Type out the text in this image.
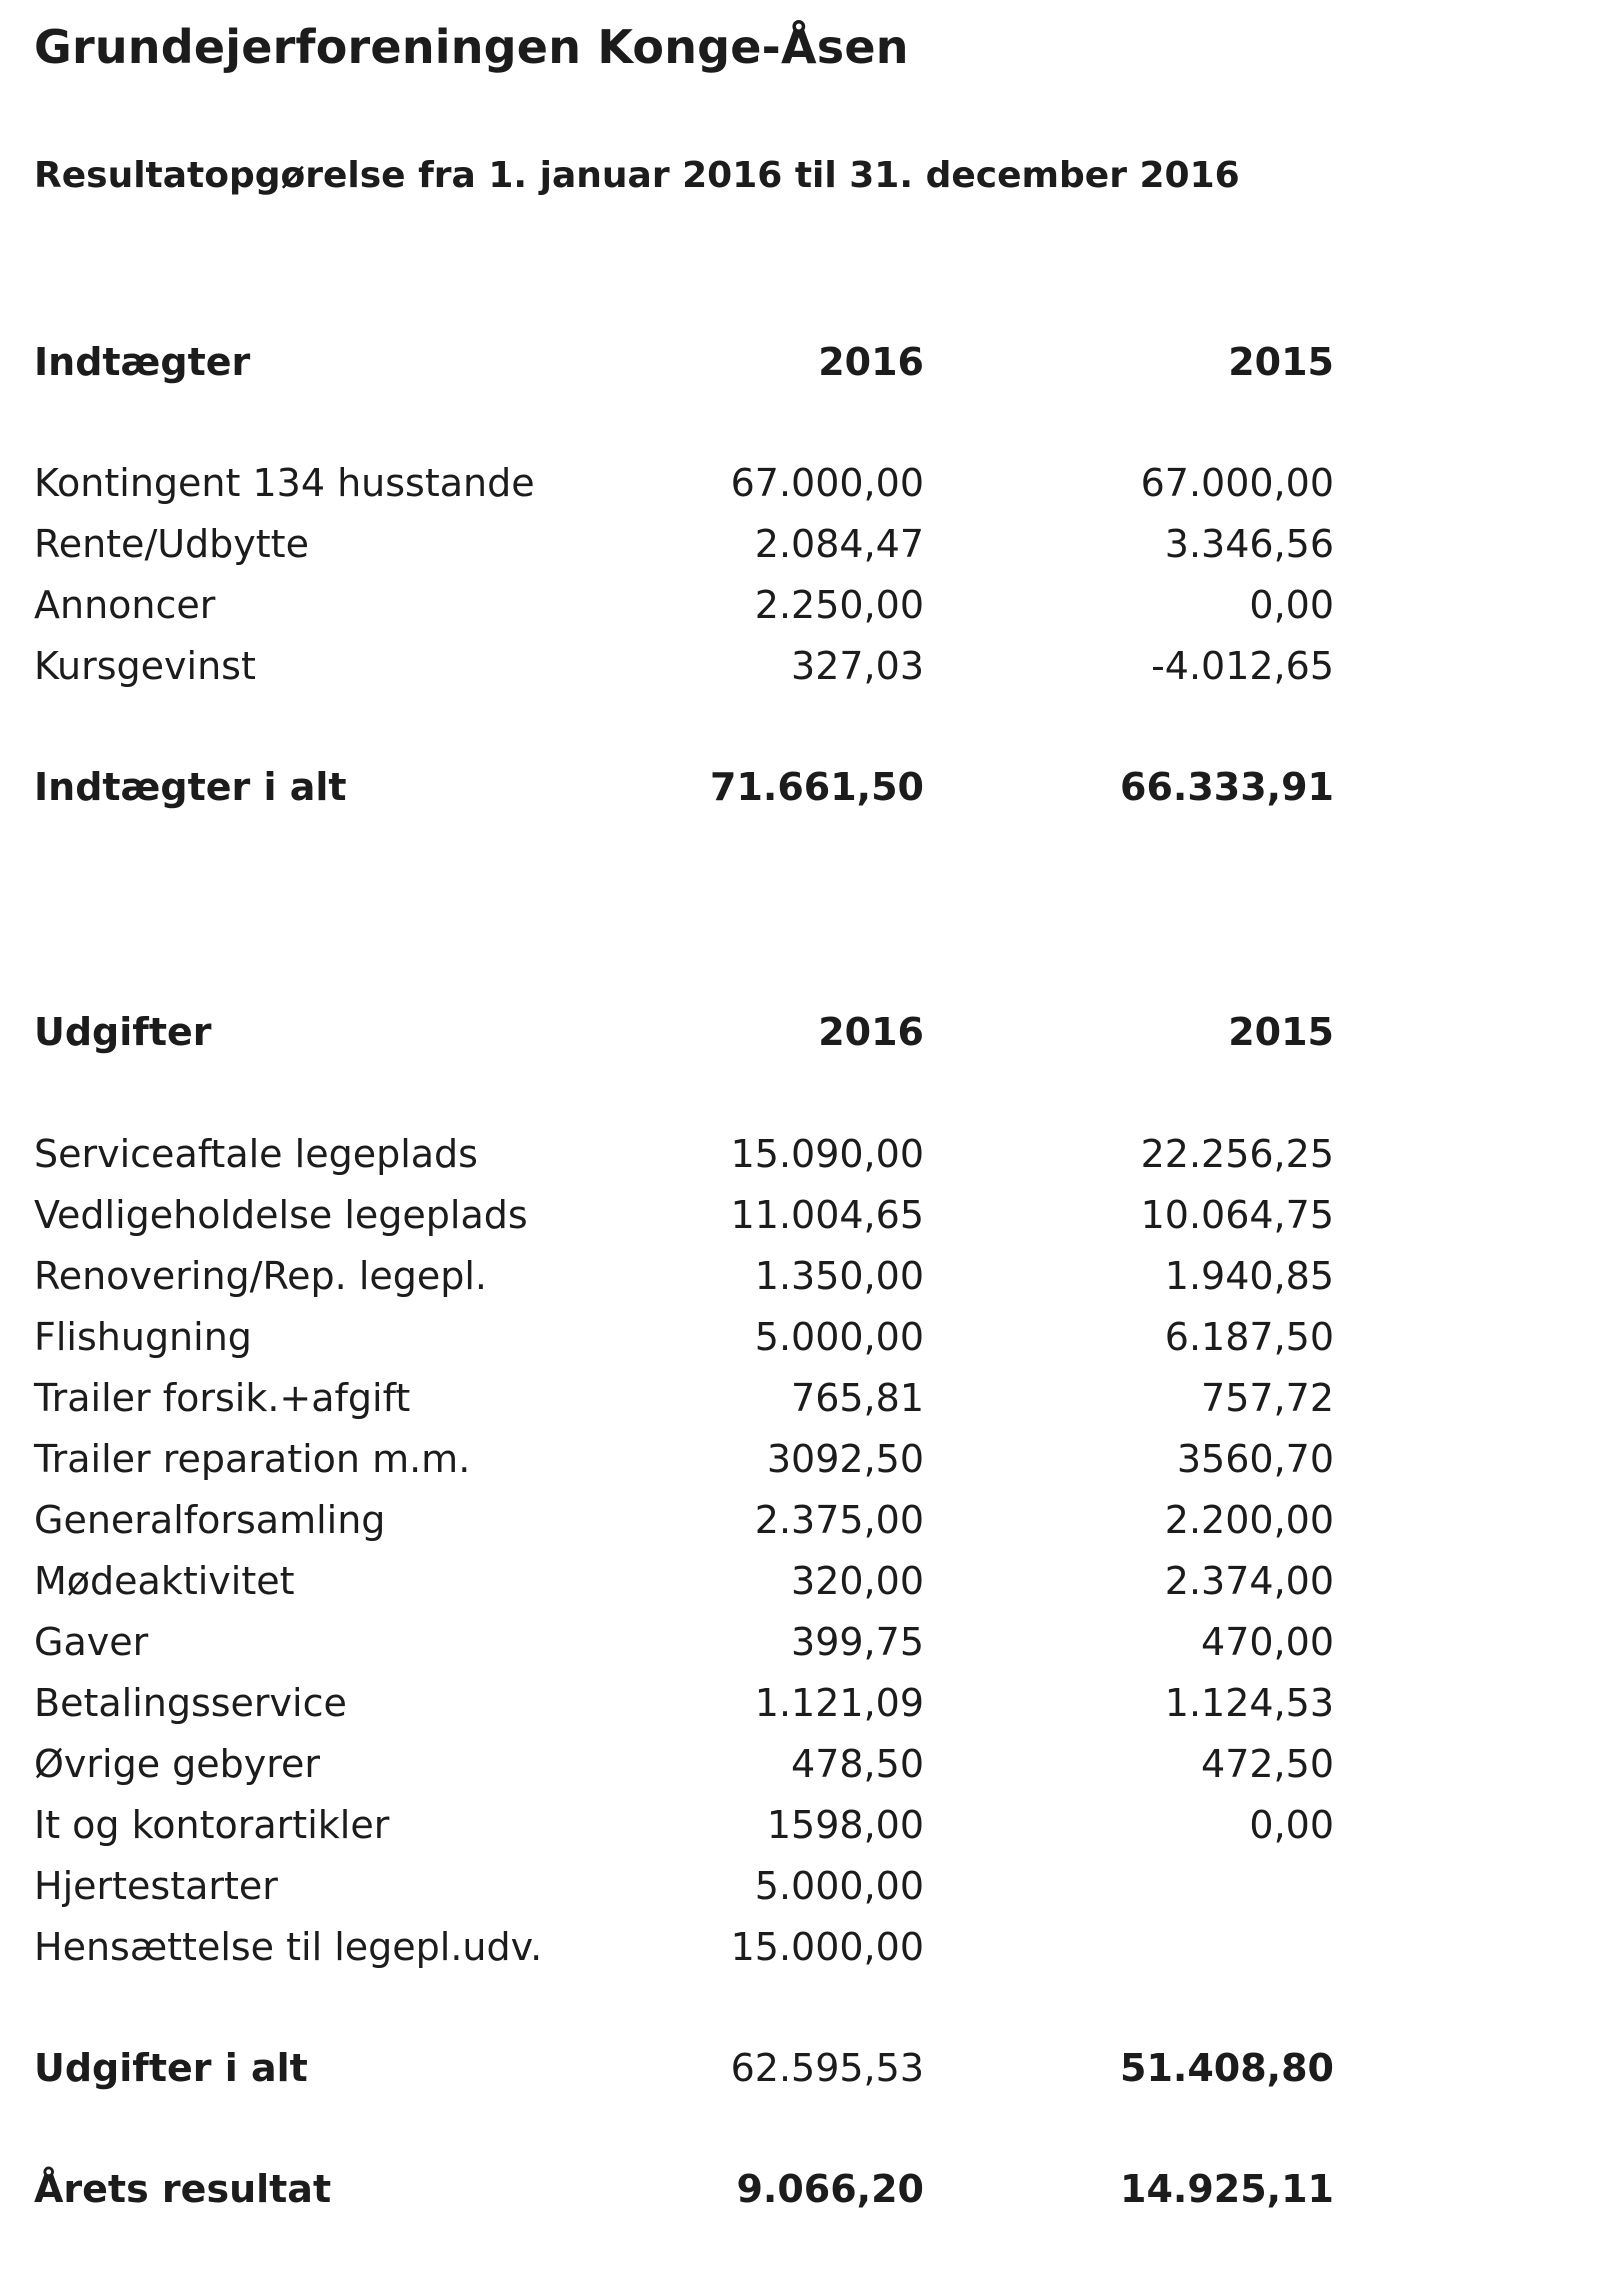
Grundejerforeningen Konge-Åsen
Resultatopgørelse fra 1. januar 2016 til 31. december 2016
Indtægter	2016	2015
Kontingent 134 husstande	67.000,00	67.000,00
Rente/Udbytte	2.084,47	3.346,56
Annoncer	2.250,00	0,00
Kursgevinst	327,03	-4.012,65
Indtægter i alt	71.661,50	66.333,91
Udgifter	2016	2015
Serviceaftale legeplads	15.090,00	22.256,25
Vedligeholdelse legeplads	11.004,65	10.064,75
Renovering/Rep. legepl.	1.350,00	1.940,85
Flishugning	5.000,00	6.187,50
Trailer forsik.+afgift	765,81	757,72
Trailer reparation m.m.	3092,50	3560,70
Generalforsamling	2.375,00	2.200,00
Mødeaktivitet	320,00	2.374,00
Gaver	399,75	470,00
Betalingsservice	1.121,09	1.124,53
Øvrige gebyrer	478,50	472,50
It og kontorartikler	1598,00	0,00
Hjertestarter	5.000,00
Hensættelse til legepl.udv.	15.000,00
Udgifter i alt	62.595,53	51.408,80
Årets resultat	9.066,20	14.925,11
